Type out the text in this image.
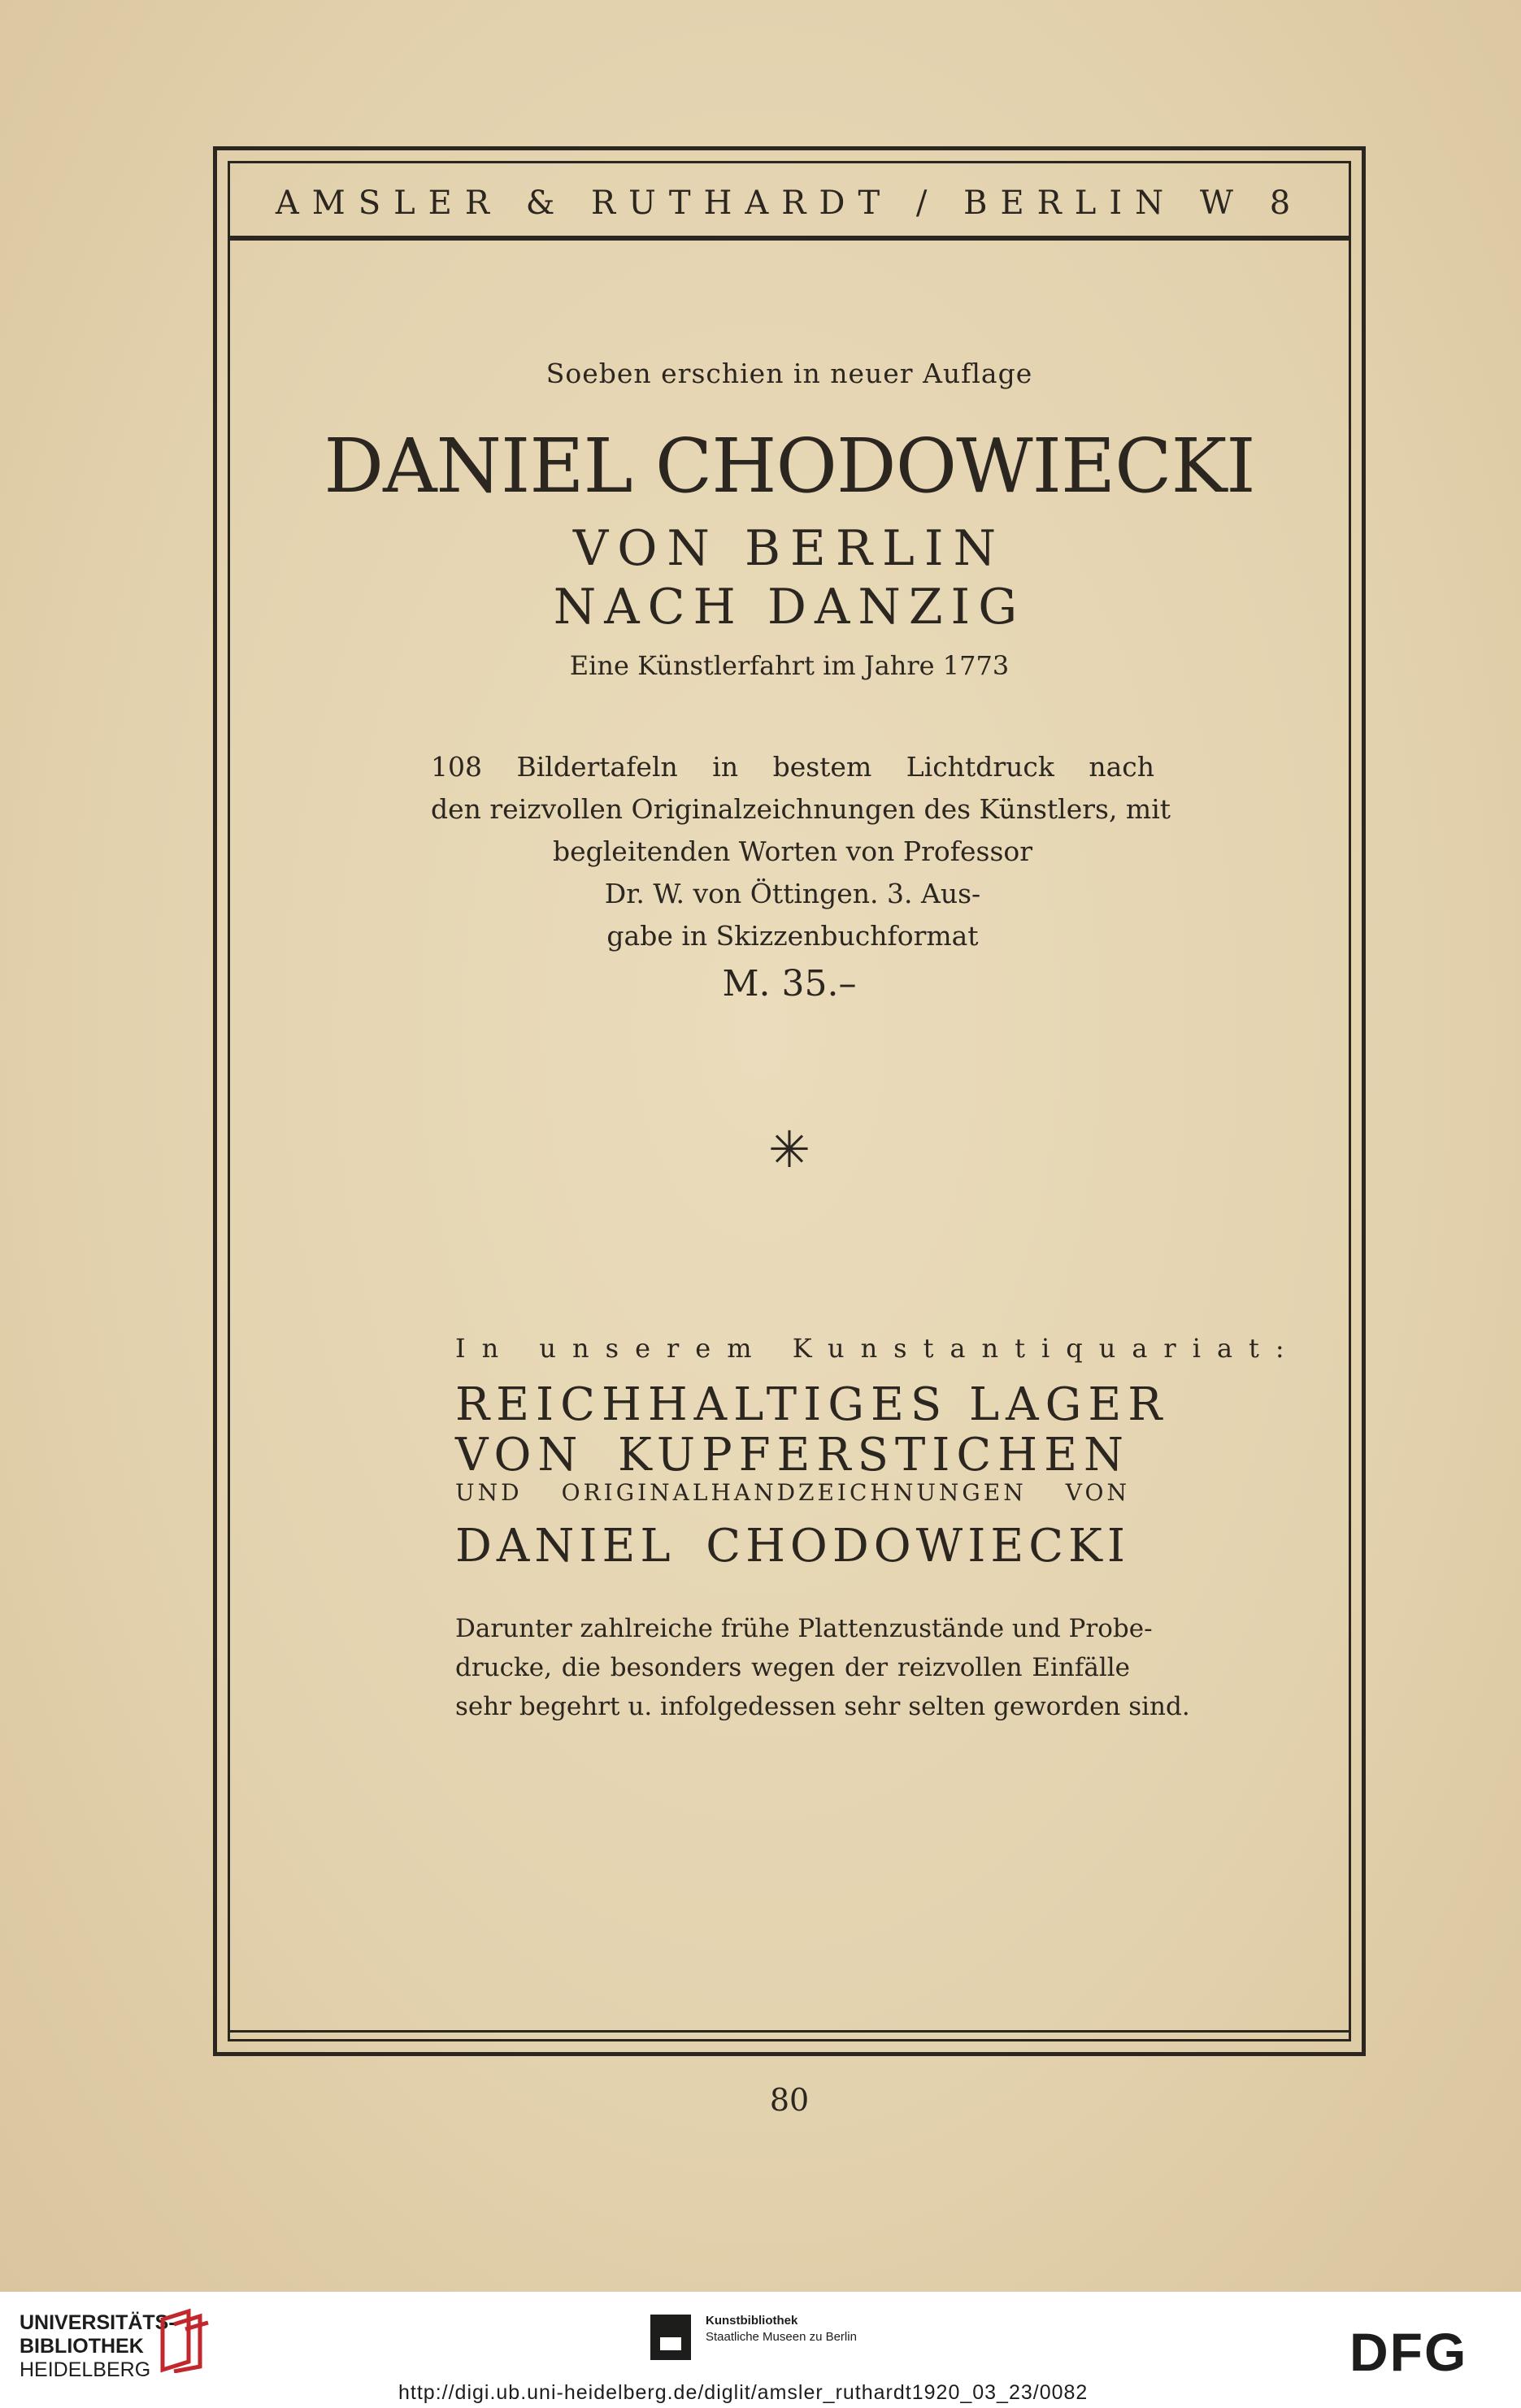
AMSLER & RUTHARDT / BERLIN W 8
Soeben erschien in neuer Auflage
DANIEL CHODOWIECKI
VON BERLIN
NACH DANZIG
Eine Künstlerfahrt im Jahre 1773
108 Bildertafeln in bestem Lichtdruck nach
den reizvollen Originalzeichnungen des Künstlers, mit
begleitenden Worten von Professor
Dr. W. von Öttingen. 3. Aus-
gabe in Skizzenbuchformat
M. 35.–
✳
In unserem Kunstantiquariat:
REICHHALTIGES LAGER
VON KUPFERSTICHEN
UND ORIGINALHANDZEICHNUNGEN VON
DANIEL CHODOWIECKI
Darunter zahlreiche frühe Plattenzustände und Probe-
drucke, die besonders wegen der reizvollen Einfälle
sehr begehrt u. infolgedessen sehr selten geworden sind.
80
UNIVERSITÄTS-
BIBLIOTHEK
HEIDELBERG
Kunstbibliothek
Staatliche Museen zu Berlin	DFG
http://digi.ub.uni-heidelberg.de/diglit/amsler_ruthardt1920_03_23/0082
